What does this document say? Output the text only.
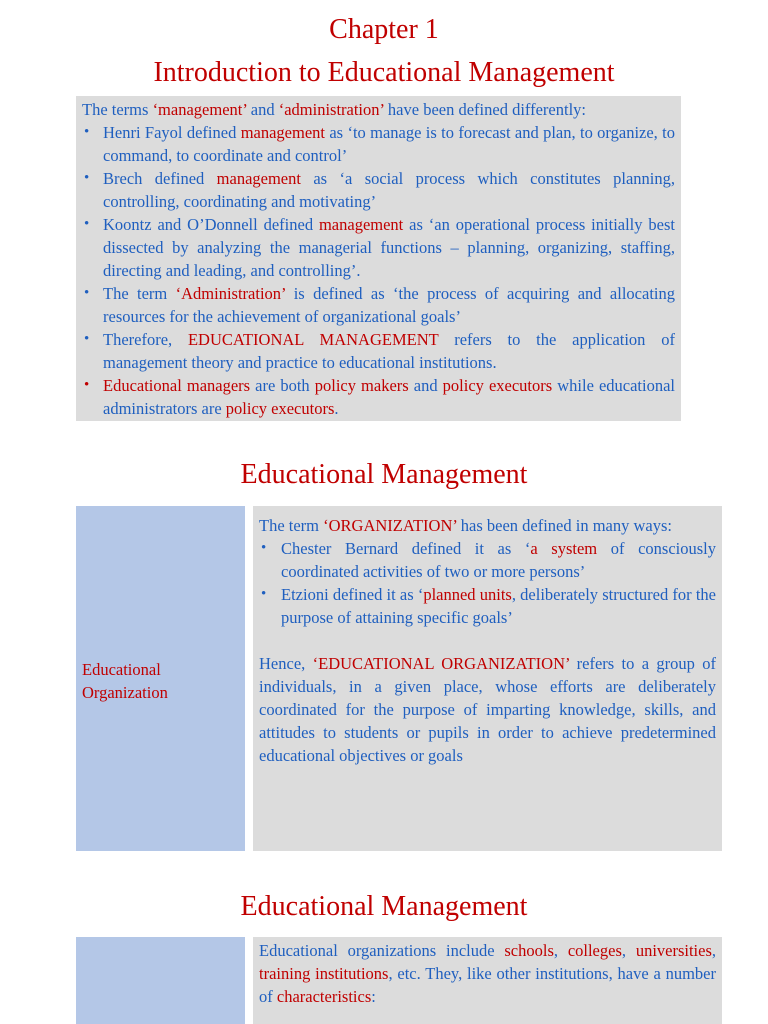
Chapter 1
Introduction to Educational Management

The terms ‘management’ and ‘administration’ have been defined differently:

• Henri Fayol defined management as ‘to manage is to forecast and plan, to organize, to command, to coordinate and control’
• Brech defined management as ‘a social process which constitutes planning, controlling, coordinating and motivating’
• Koontz and O’Donnell defined management as ‘an operational process initially best dissected by analyzing the managerial functions – planning, organizing, staffing, directing and leading, and controlling’.
• The term ‘Administration’ is defined as ‘the process of acquiring and allocating resources for the achievement of organizational goals’
• Therefore, EDUCATIONAL MANAGEMENT refers to the application of management theory and practice to educational institutions.
• Educational managers are both policy makers and policy executors while educational administrators are policy executors.
Educational Management
Educational Organization

The term ‘ORGANIZATION’ has been defined in many ways:

• Chester Bernard defined it as ‘a system of consciously coordinated activities of two or more persons’
• Etzioni defined it as ‘planned units, deliberately structured for the purpose of attaining specific goals’

Hence, ‘EDUCATIONAL ORGANIZATION’ refers to a group of individuals, in a given place, whose efforts are deliberately coordinated for the purpose of imparting knowledge, skills, and attitudes to students or pupils in order to achieve predetermined educational objectives or goals

Educational Management

Educational organizations include schools, colleges, universities, training institutions, etc. They, like other institutions, have a number of characteristics:
